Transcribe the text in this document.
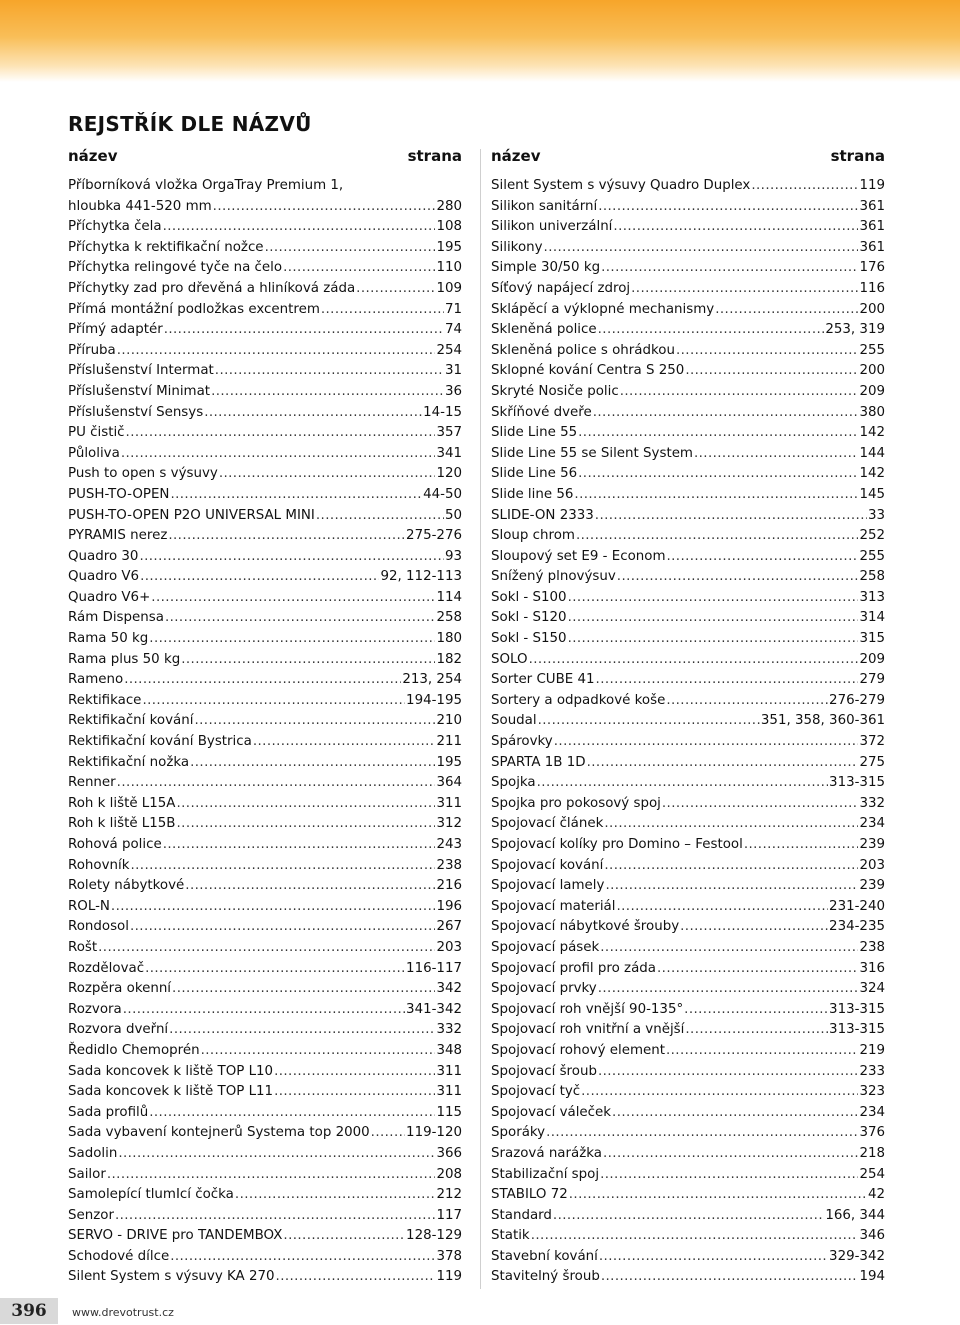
REJSTŘÍK DLE NÁZVŮ
název	strana
Příborníková vložka OrgaTray Premium 1,
hloubka 441-520 mm .....	280
Příchytka čela .....	108
Příchytka k rektifikační nožce .....	195
Příchytka relingové tyče na čelo .....	110
Příchytky zad pro dřevěná a hliníková záda .....	109
Přímá montážní podložkas excentrem .....	71
Přímý adaptér .....	74
Příruba .....	254
Příslušenství Intermat .....	31
Příslušenství Minimat .....	36
Příslušenství Sensys .....	14-15
PU čistič .....	357
Půloliva .....	341
Push to open s výsuvy .....	120
PUSH-TO-OPEN .....	44-50
PUSH-TO-OPEN P2O UNIVERSAL MINI .....	50
PYRAMIS nerez .....	275-276
Quadro 30 .....	93
Quadro V6 .....	92, 112-113
Quadro V6+ .....	114
Rám Dispensa .....	258
Rama 50 kg .....	180
Rama plus 50 kg .....	182
Rameno .....	213, 254
Rektifikace .....	194-195
Rektifikační kování .....	210
Rektifikační kování Bystrica .....	211
Rektifikační nožka .....	195
Renner .....	364
Roh k liště L15A .....	311
Roh k liště L15B .....	312
Rohová police .....	243
Rohovník .....	238
Rolety nábytkové .....	216
ROL-N .....	196
Rondosol .....	267
Rošt .....	203
Rozdělovač .....	116-117
Rozpěra okenní .....	342
Rozvora .....	341-342
Rozvora dveřní .....	332
Ředidlo Chemoprén .....	348
Sada koncovek k liště TOP L10 .....	311
Sada koncovek k liště TOP L11 .....	311
Sada profilů .....	115
Sada vybavení kontejnerů Systema top 2000 .....	119-120
Sadolin .....	366
Sailor .....	208
Samolepící tlumIcí čočka .....	212
Senzor .....	117
SERVO - DRIVE pro TANDEMBOX .....	128-129
Schodové dílce .....	378
Silent System s výsuvy KA 270 .....	119
název	strana
Silent System s výsuvy Quadro Duplex .....	119
Silikon sanitární .....	361
Silikon univerzální .....	361
Silikony .....	361
Simple 30/50 kg .....	176
Síťový napájecí zdroj .....	116
Sklápěcí a výklopné mechanismy .....	200
Skleněná police .....	253, 319
Skleněná police s ohrádkou .....	255
Sklopné kování Centra S 250 .....	200
Skryté Nosiče polic .....	209
Skříňové dveře .....	380
Slide Line 55 .....	142
Slide Line 55 se Silent System .....	144
Slide Line 56 .....	142
Slide line 56 .....	145
SLIDE-ON 2333 .....	33
Sloup chrom .....	252
Sloupový set E9 - Econom .....	255
Snížený plnovýsuv .....	258
Sokl - S100 .....	313
Sokl - S120 .....	314
Sokl - S150 .....	315
SOLO .....	209
Sorter CUBE 41 .....	279
Sortery a odpadkové koše .....	276-279
Soudal .....	351, 358, 360-361
Spárovky .....	372
SPARTA 1B 1D .....	275
Spojka .....	313-315
Spojka pro pokosový spoj .....	332
Spojovací článek .....	234
Spojovací kolíky pro Domino – Festool .....	239
Spojovací kování .....	203
Spojovací lamely .....	239
Spojovací materiál .....	231-240
Spojovací nábytkové šrouby .....	234-235
Spojovací pásek .....	238
Spojovací profil pro záda .....	316
Spojovací prvky .....	324
Spojovací roh vnější 90-135° .....	313-315
Spojovací roh vnitřní a vnější .....	313-315
Spojovací rohový element .....	219
Spojovací šroub .....	233
Spojovací tyč .....	323
Spojovací váleček .....	234
Sporáky .....	376
Srazová narážka .....	218
Stabilizační spoj .....	254
STABILO 72 .....	42
Standard .....	166, 344
Statik .....	346
Stavební kování .....	329-342
Stavitelný šroub .....	194
396	www.drevotrust.cz
